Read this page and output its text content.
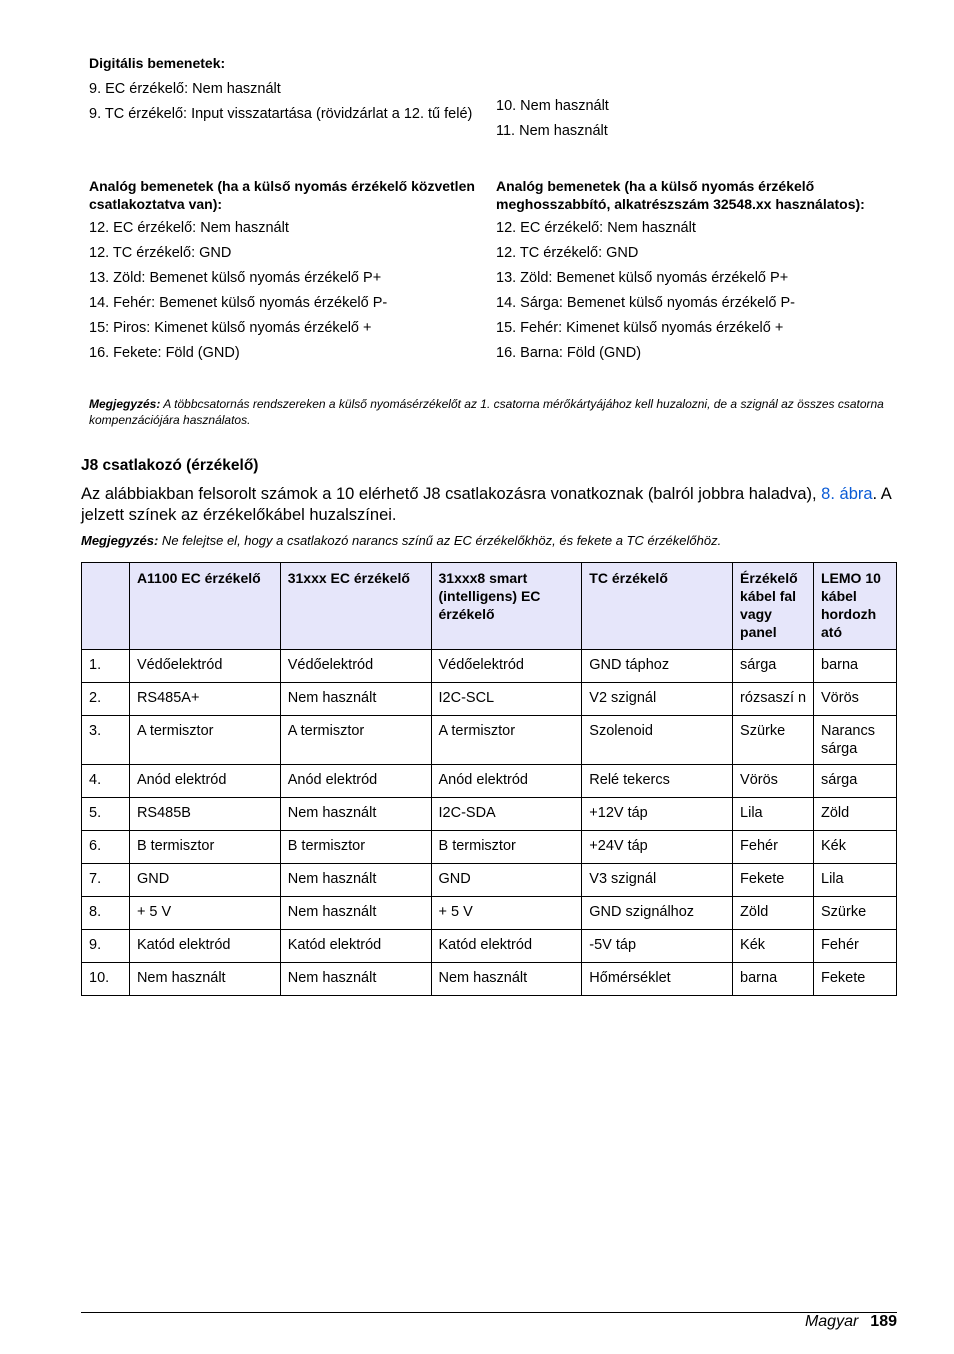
Digitális bemenetek:
9. EC érzékelő: Nem használt
9. TC érzékelő: Input visszatartása (rövidzárlat a 12. tű felé)	10. Nem használt
11. Nem használt
Analóg bemenetek (ha a külső nyomás érzékelő közvetlen csatlakoztatva van):
12. EC érzékelő: Nem használt
12. TC érzékelő: GND
13. Zöld: Bemenet külső nyomás érzékelő P+
14. Fehér: Bemenet külső nyomás érzékelő P-
15: Piros: Kimenet külső nyomás érzékelő +
16. Fekete: Föld (GND)
Analóg bemenetek (ha a külső nyomás érzékelő meghosszabbító, alkatrészszám 32548.xx használatos):
12. EC érzékelő: Nem használt
12. TC érzékelő: GND
13. Zöld: Bemenet külső nyomás érzékelő P+
14. Sárga: Bemenet külső nyomás érzékelő P-
15. Fehér: Kimenet külső nyomás érzékelő +
16. Barna: Föld (GND)
Megjegyzés: A többcsatornás rendszereken a külső nyomásérzékelőt az 1. csatorna mérőkártyájához kell huzalozni, de a szignál az összes csatorna kompenzációjára használatos.
J8 csatlakozó (érzékelő)
Az alábbiakban felsorolt számok a 10 elérhető J8 csatlakozásra vonatkoznak (balról jobbra haladva), 8. ábra. A jelzett színek az érzékelőkábel huzalszínei.
Megjegyzés: Ne felejtse el, hogy a csatlakozó narancs színű az EC érzékelőkhöz, és fekete a TC érzékelőhöz.
	A1100 EC érzékelő	31xxx EC érzékelő	31xxx8 smart (intelligens) EC érzékelő	TC érzékelő	Érzékelő kábel fal vagy panel	LEMO 10 kábel hordozh ató
1.	Védőelektród	Védőelektród	Védőelektród	GND táphoz	sárga	barna
2.	RS485A+	Nem használt	I2C-SCL	V2 szignál	rózsaszí n	Vörös
3.	A termisztor	A termisztor	A termisztor	Szolenoid	Szürke	Narancs sárga
4.	Anód elektród	Anód elektród	Anód elektród	Relé tekercs	Vörös	sárga
5.	RS485B	Nem használt	I2C-SDA	+12V táp	Lila	Zöld
6.	B termisztor	B termisztor	B termisztor	+24V táp	Fehér	Kék
7.	GND	Nem használt	GND	V3 szignál	Fekete	Lila
8.	+ 5 V	Nem használt	+ 5 V	GND szignálhoz	Zöld	Szürke
9.	Katód elektród	Katód elektród	Katód elektród	-5V táp	Kék	Fehér
10.	Nem használt	Nem használt	Nem használt	Hőmérséklet	barna	Fekete
Magyar 189
